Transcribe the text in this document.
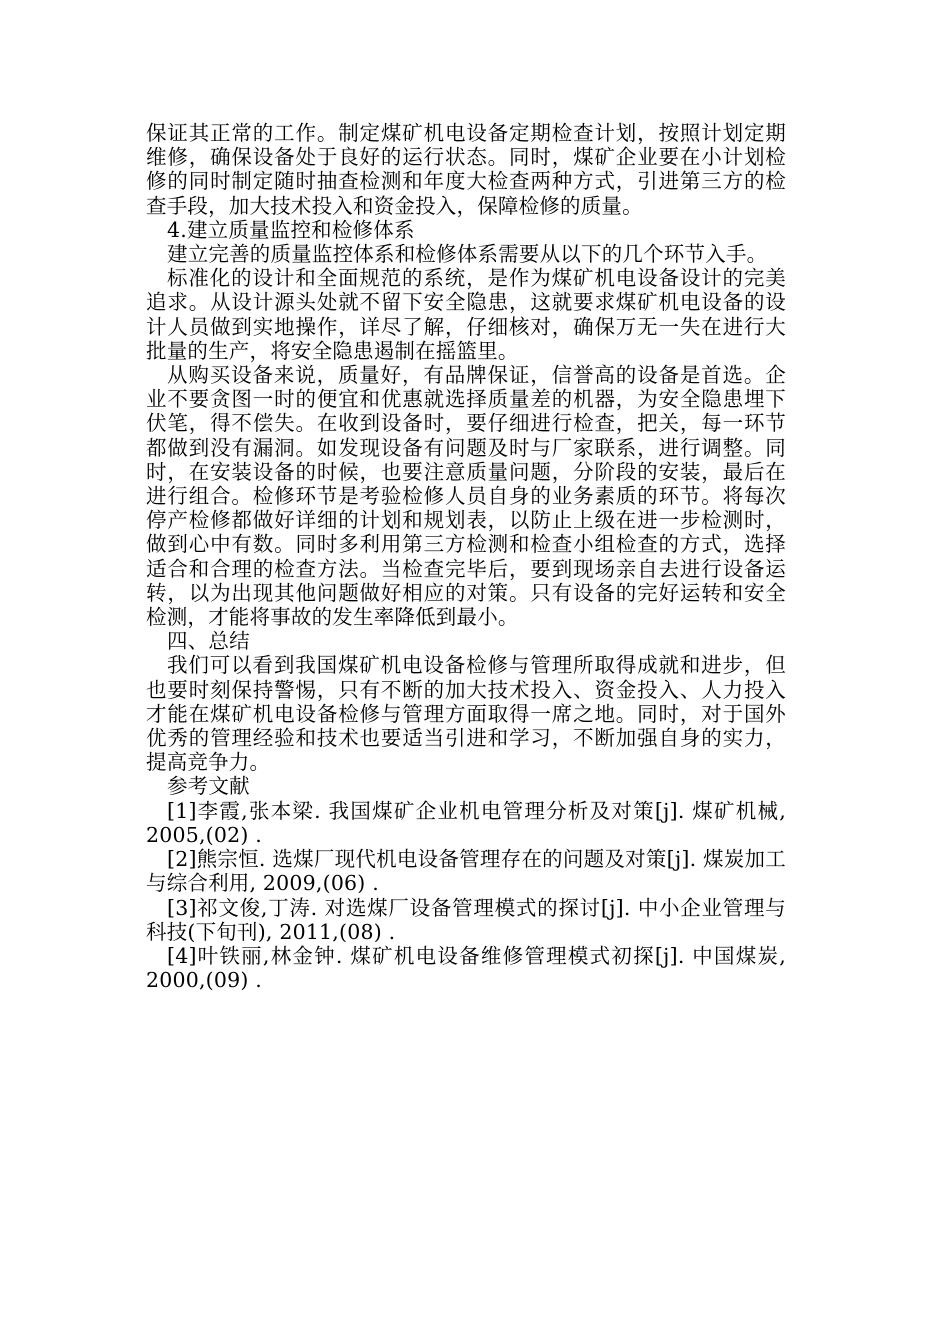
保证其正常的工作。制定煤矿机电设备定期检查计划，按照计划定期维修，确保设备处于良好的运行状态。同时，煤矿企业要在小计划检修的同时制定随时抽查检测和年度大检查两种方式，引进第三方的检查手段，加大技术投入和资金投入，保障检修的质量。

4.建立质量监控和检修体系

建立完善的质量监控体系和检修体系需要从以下的几个环节入手。

标准化的设计和全面规范的系统，是作为煤矿机电设备设计的完美追求。从设计源头处就不留下安全隐患，这就要求煤矿机电设备的设计人员做到实地操作，详尽了解，仔细核对，确保万无一失在进行大批量的生产，将安全隐患遏制在摇篮里。

从购买设备来说，质量好，有品牌保证，信誉高的设备是首选。企业不要贪图一时的便宜和优惠就选择质量差的机器，为安全隐患埋下伏笔，得不偿失。在收到设备时，要仔细进行检查，把关，每一环节都做到没有漏洞。如发现设备有问题及时与厂家联系，进行调整。同时，在安装设备的时候，也要注意质量问题，分阶段的安装，最后在进行组合。检修环节是考验检修人员自身的业务素质的环节。将每次停产检修都做好详细的计划和规划表，以防止上级在进一步检测时，做到心中有数。同时多利用第三方检测和检查小组检查的方式，选择适合和合理的检查方法。当检查完毕后，要到现场亲自去进行设备运转，以为出现其他问题做好相应的对策。只有设备的完好运转和安全检测，才能将事故的发生率降低到最小。

四、总结

我们可以看到我国煤矿机电设备检修与管理所取得成就和进步，但也要时刻保持警惕，只有不断的加大技术投入、资金投入、人力投入才能在煤矿机电设备检修与管理方面取得一席之地。同时，对于国外优秀的管理经验和技术也要适当引进和学习，不断加强自身的实力，提高竞争力。

参考文献

[1]李霞,张本梁. 我国煤矿企业机电管理分析及对策[j]. 煤矿机械, 2005,(02) .

[2]熊宗恒. 选煤厂现代机电设备管理存在的问题及对策[j]. 煤炭加工与综合利用, 2009,(06) .

[3]祁文俊,丁涛. 对选煤厂设备管理模式的探讨[j]. 中小企业管理与科技(下旬刊), 2011,(08) .

[4]叶铁丽,林金钟. 煤矿机电设备维修管理模式初探[j]. 中国煤炭, 2000,(09) .
